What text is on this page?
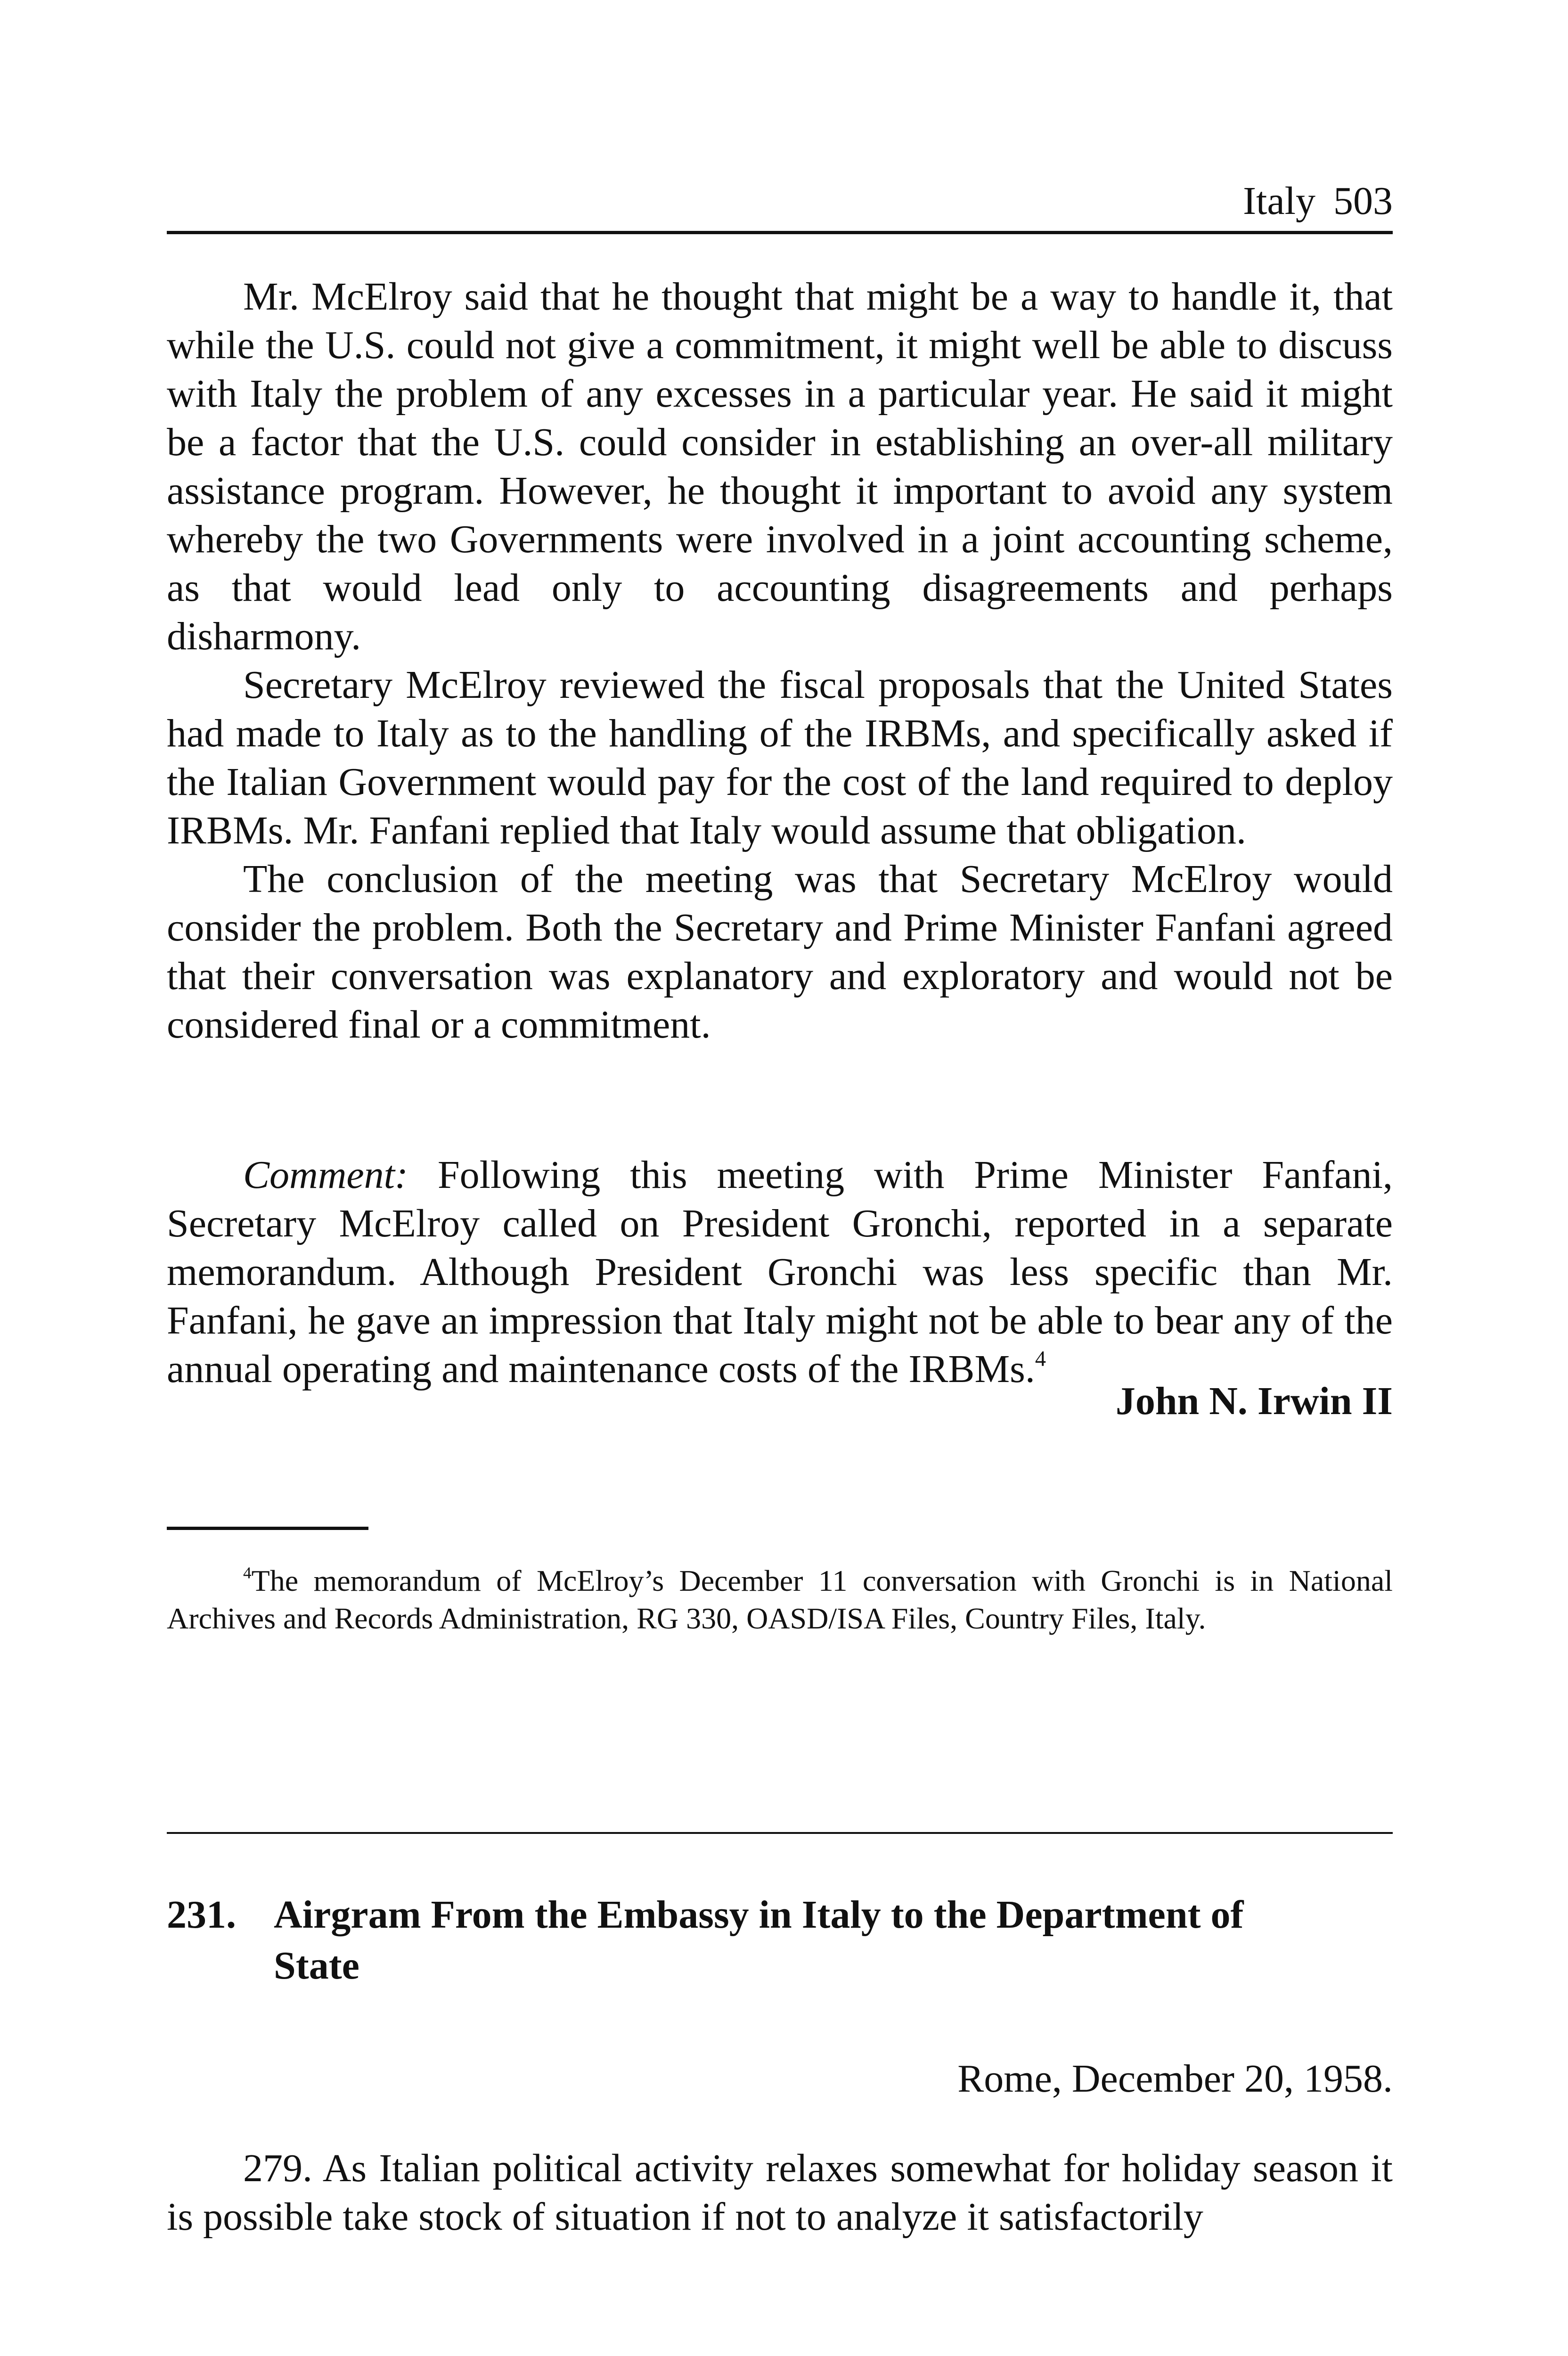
Italy 503

Mr. McElroy said that he thought that might be a way to handle it, that while the U.S. could not give a commitment, it might well be able to discuss with Italy the problem of any excesses in a particular year. He said it might be a factor that the U.S. could consider in establishing an over-all military assistance program. However, he thought it important to avoid any system whereby the two Governments were involved in a joint accounting scheme, as that would lead only to accounting disagreements and perhaps disharmony.

Secretary McElroy reviewed the fiscal proposals that the United States had made to Italy as to the handling of the IRBMs, and specifically asked if the Italian Government would pay for the cost of the land required to deploy IRBMs. Mr. Fanfani replied that Italy would assume that obligation.

The conclusion of the meeting was that Secretary McElroy would consider the problem. Both the Secretary and Prime Minister Fanfani agreed that their conversation was explanatory and exploratory and would not be considered final or a commitment.

Comment: Following this meeting with Prime Minister Fanfani, Secretary McElroy called on President Gronchi, reported in a separate memorandum. Although President Gronchi was less specific than Mr. Fanfani, he gave an impression that Italy might not be able to bear any of the annual operating and maintenance costs of the IRBMs.$^4$

John N. Irwin II

$^4$The memorandum of McElroy’s December 11 conversation with Gronchi is in National Archives and Records Administration, RG 330, OASD/ISA Files, Country Files, Italy.

231. Airgram From the Embassy in Italy to the Department of State
Rome, December 20, 1958.

279. As Italian political activity relaxes somewhat for holiday season it is possible take stock of situation if not to analyze it satisfactorily
